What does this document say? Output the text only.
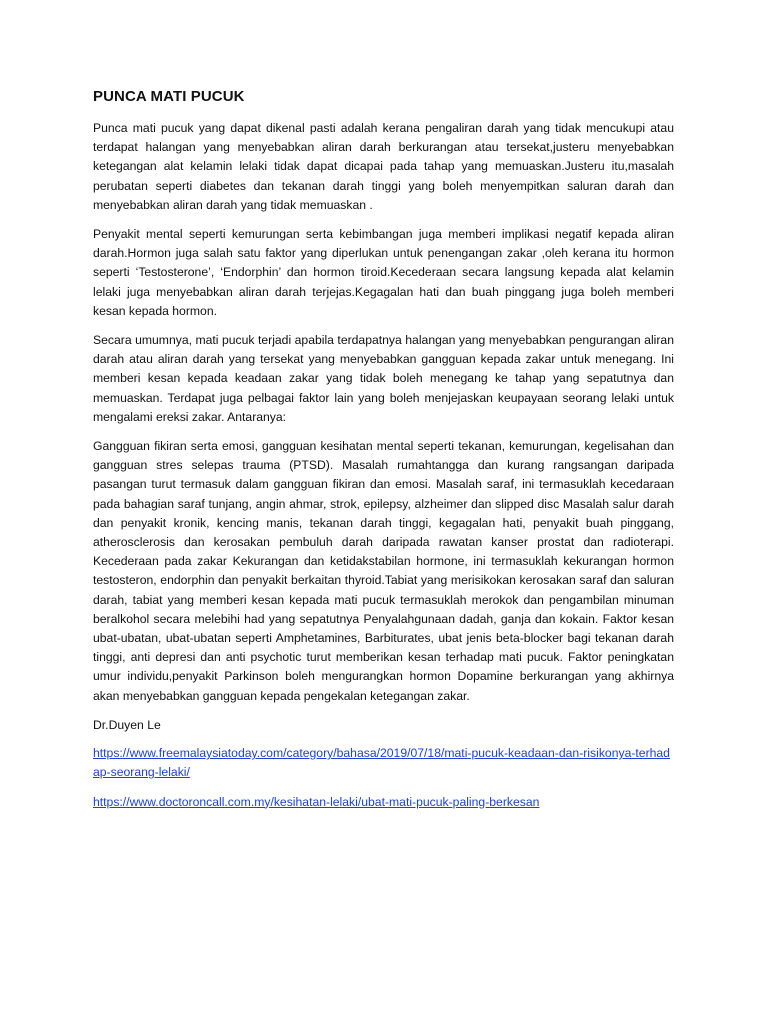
PUNCA MATI PUCUK

Punca mati pucuk yang dapat dikenal pasti adalah kerana pengaliran darah yang tidak mencukupi atau terdapat halangan yang menyebabkan aliran darah berkurangan atau tersekat,justeru menyebabkan ketegangan alat kelamin lelaki tidak dapat dicapai pada tahap yang memuaskan.Justeru itu,masalah perubatan seperti diabetes dan tekanan darah tinggi yang boleh menyempitkan saluran darah dan menyebabkan aliran darah yang tidak memuaskan .

Penyakit mental seperti kemurungan serta kebimbangan juga memberi implikasi negatif kepada aliran darah.Hormon juga salah satu faktor yang diperlukan untuk penengangan zakar ,oleh kerana itu hormon seperti ‘Testosterone’, ‘Endorphin’ dan hormon tiroid.Kecederaan secara langsung kepada alat kelamin lelaki juga menyebabkan aliran darah terjejas.Kegagalan hati dan buah pinggang juga boleh memberi kesan kepada hormon.

Secara umumnya, mati pucuk terjadi apabila terdapatnya halangan yang menyebabkan pengurangan aliran darah atau aliran darah yang tersekat yang menyebabkan gangguan kepada zakar untuk menegang. Ini memberi kesan kepada keadaan zakar yang tidak boleh menegang ke tahap yang sepatutnya dan memuaskan. Terdapat juga pelbagai faktor lain yang boleh menjejaskan keupayaan seorang lelaki untuk mengalami ereksi zakar. Antaranya:

Gangguan fikiran serta emosi, gangguan kesihatan mental seperti tekanan, kemurungan, kegelisahan dan gangguan stres selepas trauma (PTSD). Masalah rumahtangga dan kurang rangsangan daripada pasangan turut termasuk dalam gangguan fikiran dan emosi. Masalah saraf, ini termasuklah kecedaraan pada bahagian saraf tunjang, angin ahmar, strok, epilepsy, alzheimer dan slipped disc Masalah salur darah dan penyakit kronik, kencing manis, tekanan darah tinggi, kegagalan hati, penyakit buah pinggang, atherosclerosis dan kerosakan pembuluh darah daripada rawatan kanser prostat dan radioterapi. Kecederaan pada zakar Kekurangan dan ketidakstabilan hormone, ini termasuklah kekurangan hormon testosteron, endorphin dan penyakit berkaitan thyroid.Tabiat yang merisikokan kerosakan saraf dan saluran darah, tabiat yang memberi kesan kepada mati pucuk termasuklah merokok dan pengambilan minuman beralkohol secara melebihi had yang sepatutnya Penyalahgunaan dadah, ganja dan kokain. Faktor kesan ubat-ubatan, ubat-ubatan seperti Amphetamines, Barbiturates, ubat jenis beta-blocker bagi tekanan darah tinggi, anti depresi dan anti psychotic turut memberikan kesan terhadap mati pucuk. Faktor peningkatan umur individu,penyakit Parkinson boleh mengurangkan hormon Dopamine berkurangan yang akhirnya akan menyebabkan gangguan kepada pengekalan ketegangan zakar.

Dr.Duyen Le

https://www.freemalaysiatoday.com/category/bahasa/2019/07/18/mati-pucuk-keadaan-dan-risikonya-terhadap-seorang-lelaki/
https://www.doctoroncall.com.my/kesihatan-lelaki/ubat-mati-pucuk-paling-berkesan
